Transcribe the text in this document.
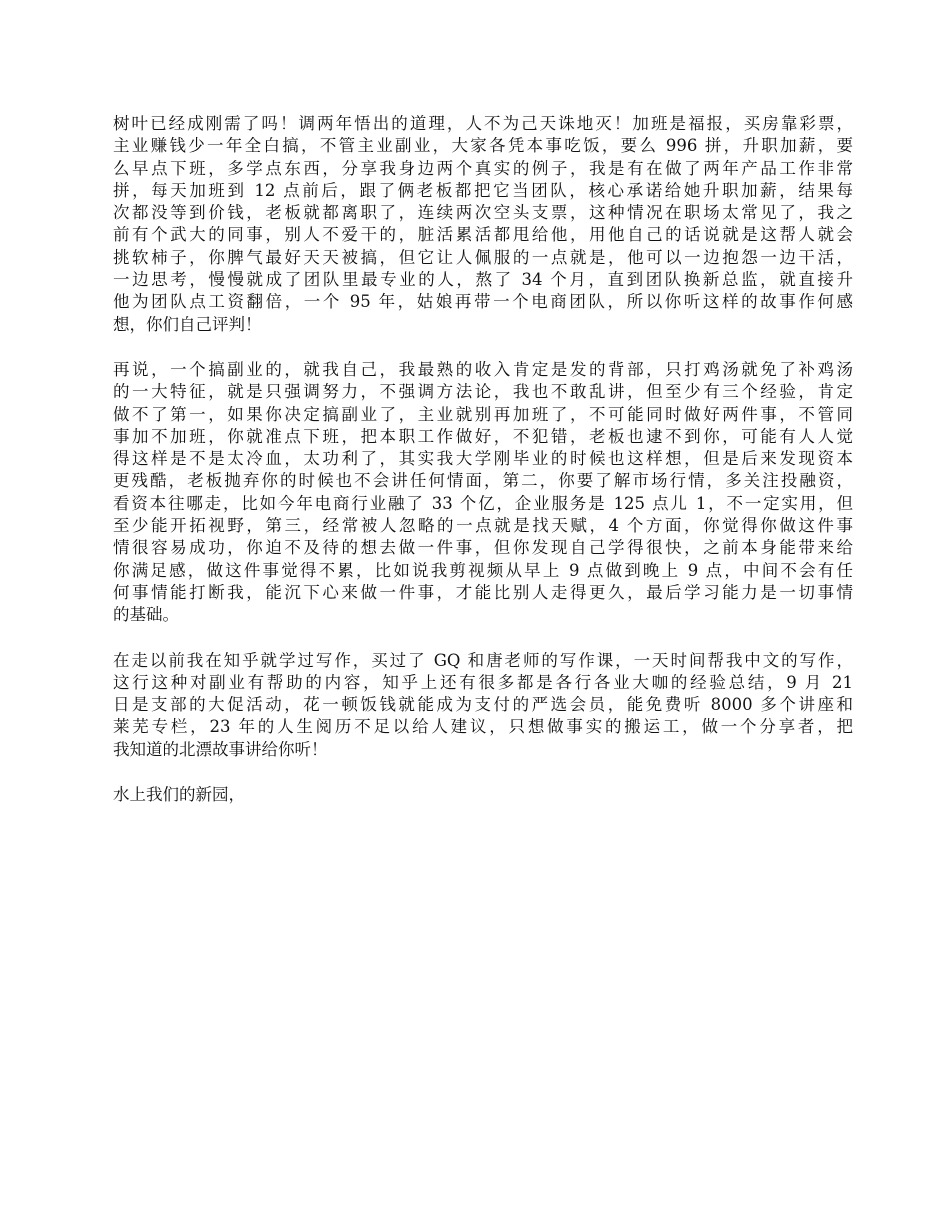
树叶已经成刚需了吗！调两年悟出的道理，人不为己天诛地灭！加班是福报，买房靠彩票，
主业赚钱少一年全白搞，不管主业副业，大家各凭本事吃饭，要么 996 拼，升职加薪，要
么早点下班，多学点东西，分享我身边两个真实的例子，我是有在做了两年产品工作非常
拼，每天加班到 12 点前后，跟了俩老板都把它当团队，核心承诺给她升职加薪，结果每
次都没等到价钱，老板就都离职了，连续两次空头支票，这种情况在职场太常见了，我之
前有个武大的同事，别人不爱干的，脏活累活都甩给他，用他自己的话说就是这帮人就会
挑软柿子，你脾气最好天天被搞，但它让人佩服的一点就是，他可以一边抱怨一边干活，
一边思考，慢慢就成了团队里最专业的人，熬了 34 个月，直到团队换新总监，就直接升
他为团队点工资翻倍，一个 95 年，姑娘再带一个电商团队，所以你听这样的故事作何感
想，你们自己评判！
再说，一个搞副业的，就我自己，我最熟的收入肯定是发的背部，只打鸡汤就免了补鸡汤
的一大特征，就是只强调努力，不强调方法论，我也不敢乱讲，但至少有三个经验，肯定
做不了第一，如果你决定搞副业了，主业就别再加班了，不可能同时做好两件事，不管同
事加不加班，你就准点下班，把本职工作做好，不犯错，老板也逮不到你，可能有人人觉
得这样是不是太冷血，太功利了，其实我大学刚毕业的时候也这样想，但是后来发现资本
更残酷，老板抛弃你的时候也不会讲任何情面，第二，你要了解市场行情，多关注投融资，
看资本往哪走，比如今年电商行业融了 33 个亿，企业服务是 125 点儿 1，不一定实用，但
至少能开拓视野，第三，经常被人忽略的一点就是找天赋，4 个方面，你觉得你做这件事
情很容易成功，你迫不及待的想去做一件事，但你发现自己学得很快，之前本身能带来给
你满足感，做这件事觉得不累，比如说我剪视频从早上 9 点做到晚上 9 点，中间不会有任
何事情能打断我，能沉下心来做一件事，才能比别人走得更久，最后学习能力是一切事情
的基础。
在走以前我在知乎就学过写作，买过了 GQ 和唐老师的写作课，一天时间帮我中文的写作，
这行这种对副业有帮助的内容，知乎上还有很多都是各行各业大咖的经验总结，9 月 21
日是支部的大促活动，花一顿饭钱就能成为支付的严选会员，能免费听 8000 多个讲座和
莱芜专栏，23 年的人生阅历不足以给人建议，只想做事实的搬运工，做一个分享者，把
我知道的北漂故事讲给你听！
水上我们的新园，
